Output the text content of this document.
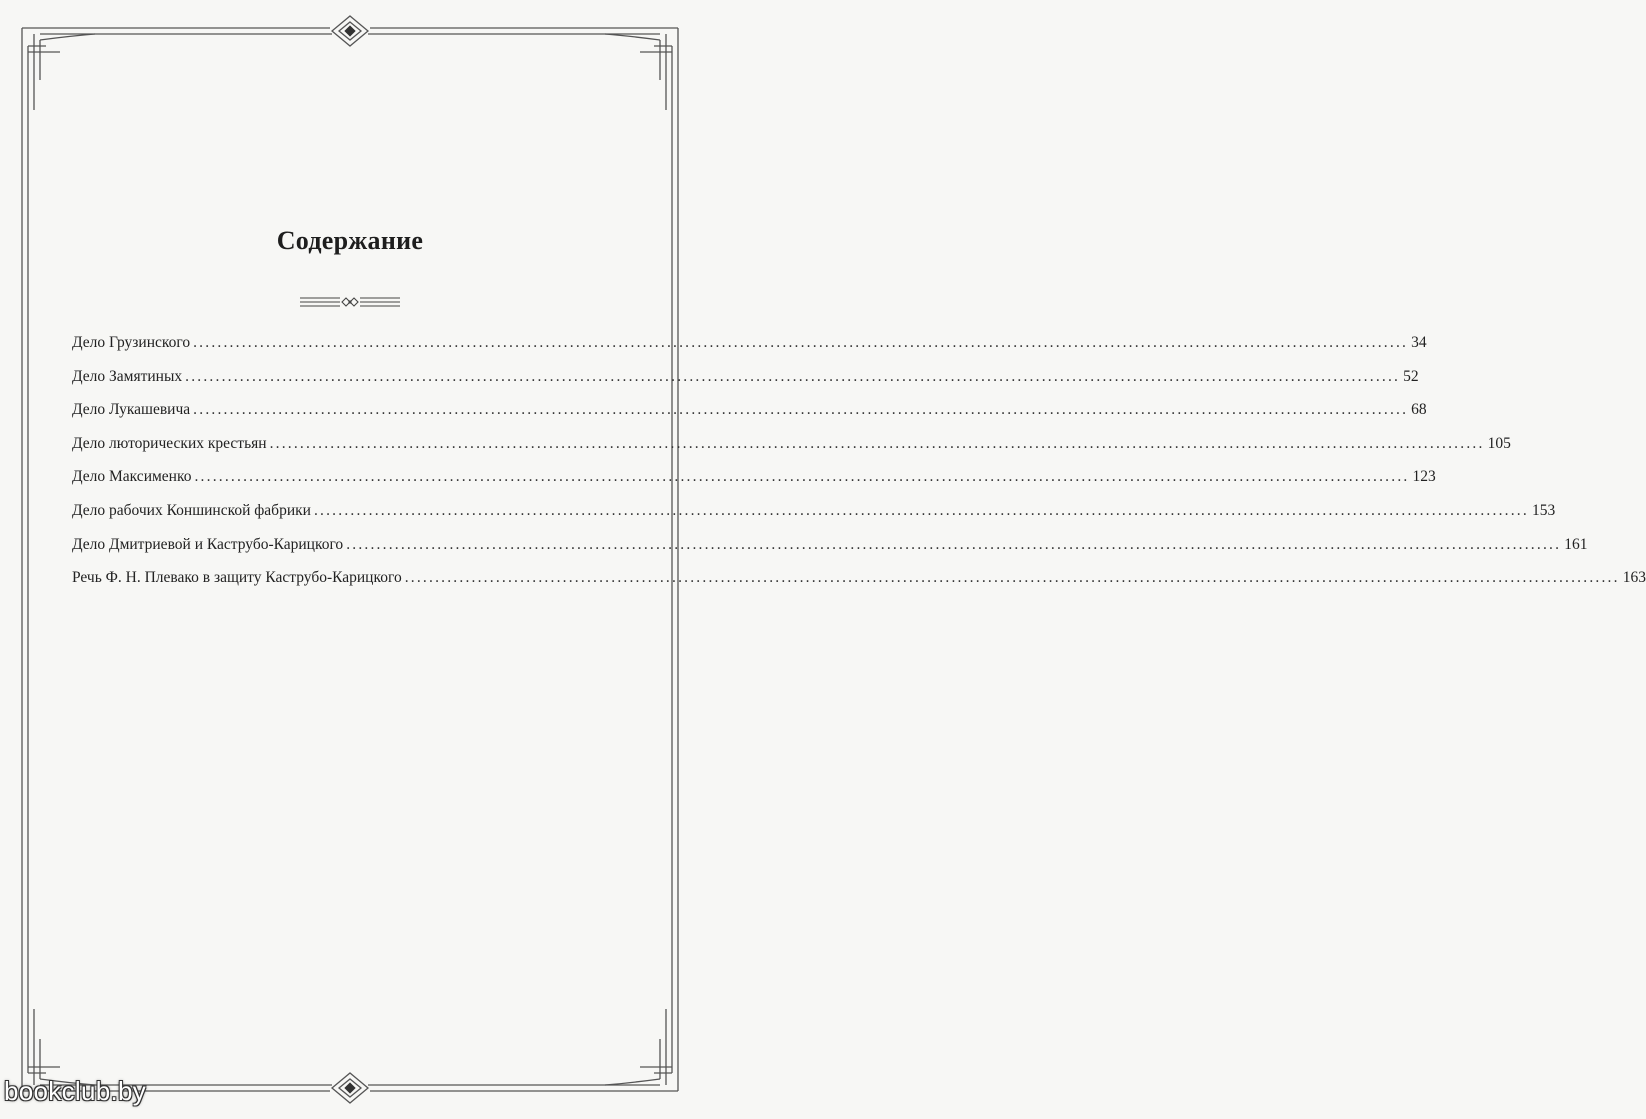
Содержание
Дело Грузинского ........................................................................................................................................................................................................ 34
Дело Замятиных ........................................................................................................................................................................................................ 52
Дело Лукашевича ........................................................................................................................................................................................................ 68
Дело люторических крестьян ........................................................................................................................................................................................................ 105
Дело Максименко ........................................................................................................................................................................................................ 123
Дело рабочих Коншинской фабрики ........................................................................................................................................................................................................ 153
Дело Дмитриевой и Каструбо-Карицкого ........................................................................................................................................................................................................ 161
Речь Ф. Н. Плевако в защиту Каструбо-Карицкого ........................................................................................................................................................................................................ 163
bookclub.by
